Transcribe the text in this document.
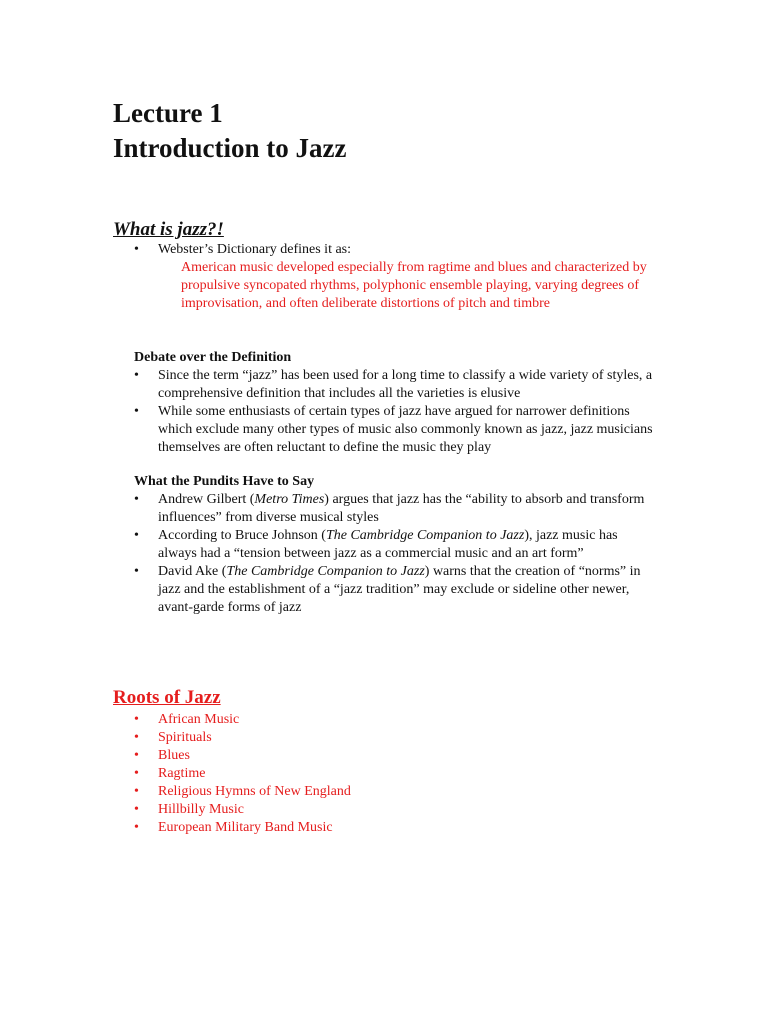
Lecture 1
Introduction to Jazz
What is jazz?!
• Webster’s Dictionary defines it as:

American music developed especially from ragtime and blues and characterized by propulsive syncopated rhythms, polyphonic ensemble playing, varying degrees of improvisation, and often deliberate distortions of pitch and timbre

Debate over the Definition
• Since the term “jazz” has been used for a long time to classify a wide variety of styles, a comprehensive definition that includes all the varieties is elusive
• While some enthusiasts of certain types of jazz have argued for narrower definitions which exclude many other types of music also commonly known as jazz, jazz musicians themselves are often reluctant to define the music they play
What the Pundits Have to Say
• Andrew Gilbert (Metro Times) argues that jazz has the “ability to absorb and transform influences” from diverse musical styles
• According to Bruce Johnson (The Cambridge Companion to Jazz), jazz music has always had a “tension between jazz as a commercial music and an art form”
• David Ake (The Cambridge Companion to Jazz) warns that the creation of “norms” in jazz and the establishment of a “jazz tradition” may exclude or sideline other newer, avant-garde forms of jazz
Roots of Jazz
• African Music
• Spirituals
• Blues
• Ragtime
• Religious Hymns of New England
• Hillbilly Music
• European Military Band Music
